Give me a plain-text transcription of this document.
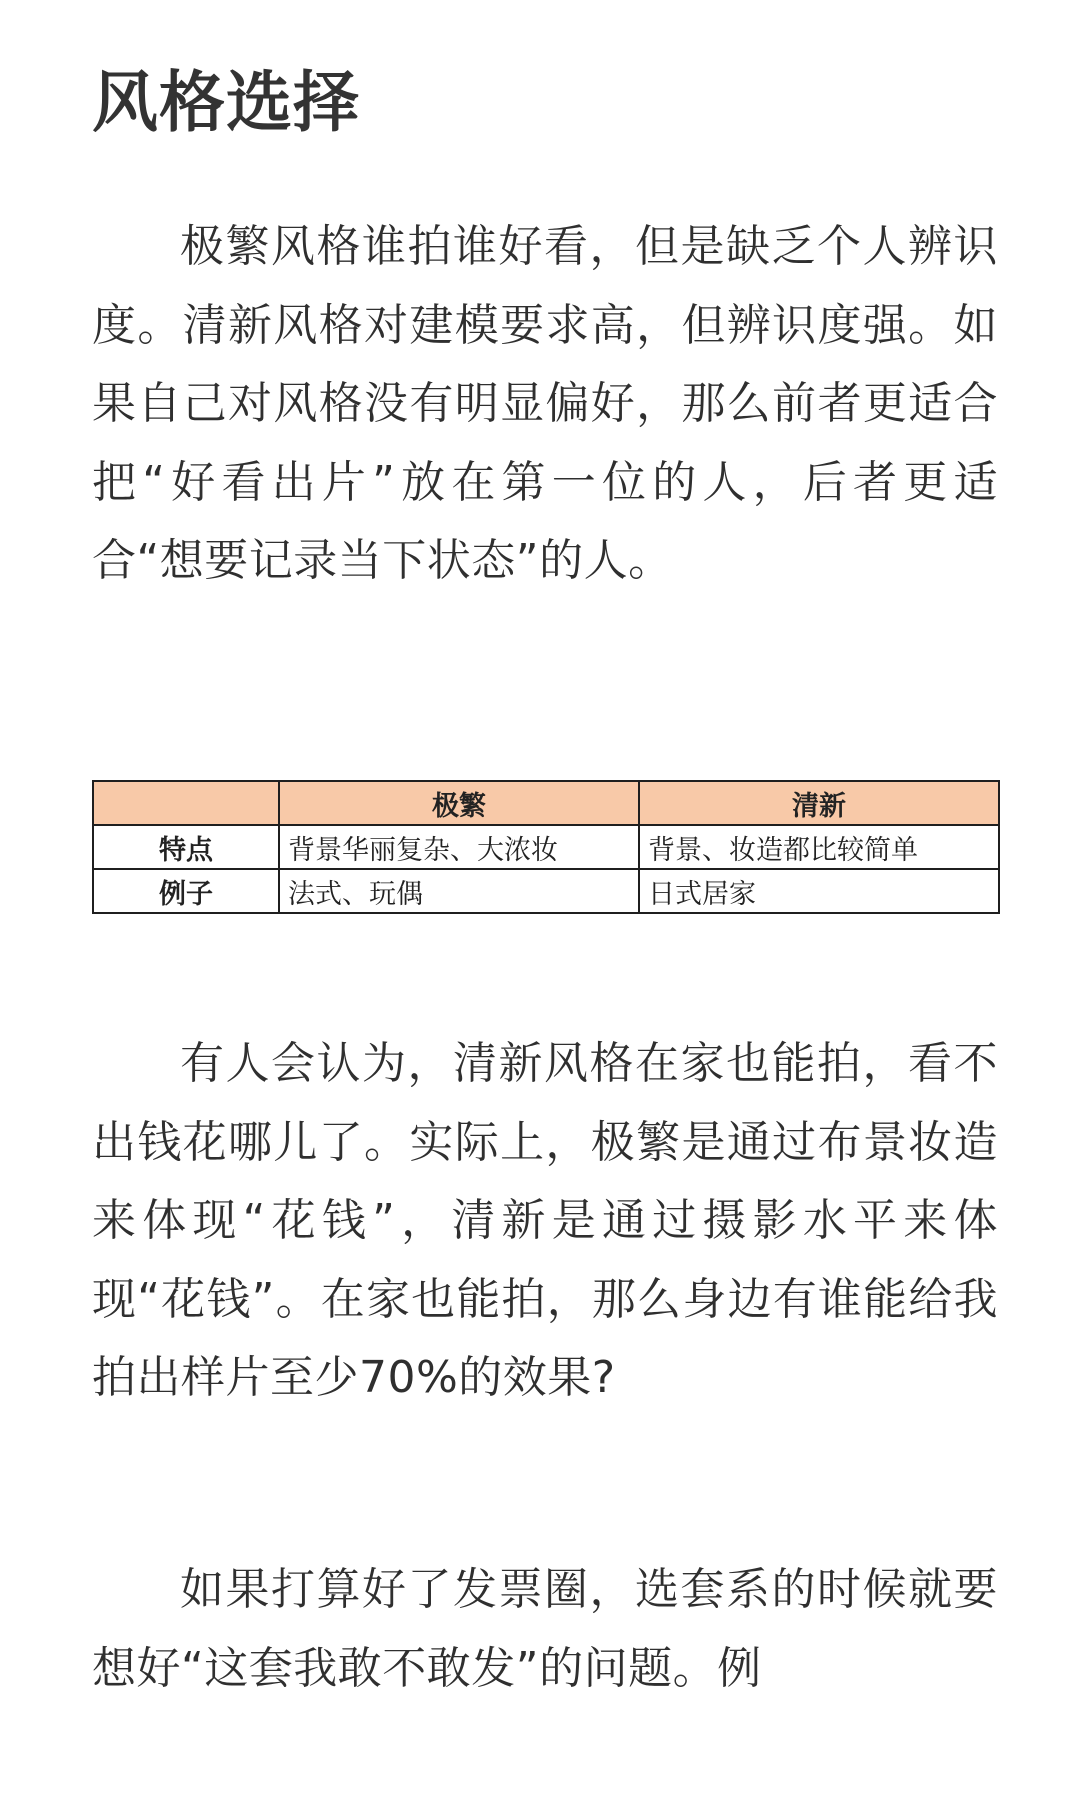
风格选择

极繁风格谁拍谁好看，但是缺乏个人辨识度。清新风格对建模要求高，但辨识度强。如果自己对风格没有明显偏好，那么前者更适合把“好看出片”放在第一位的人，后者更适合“想要记录当下状态”的人。

	极繁	清新
特点	背景华丽复杂、大浓妆	背景、妆造都比较简单
例子	法式、玩偶	日式居家

有人会认为，清新风格在家也能拍，看不出钱花哪儿了。实际上，极繁是通过布景妆造来体现“花钱”，清新是通过摄影水平来体现“花钱”。在家也能拍，那么身边有谁能给我拍出样片至少70%的效果?

如果打算好了发票圈，选套系的时候就要想好“这套我敢不敢发”的问题。例
